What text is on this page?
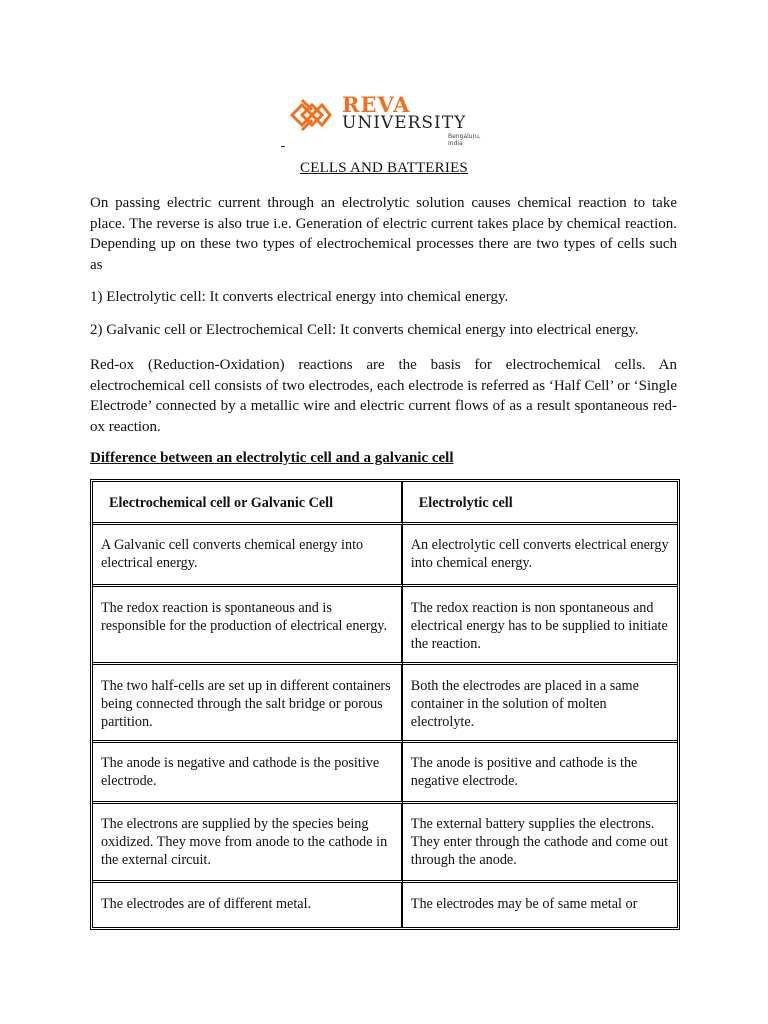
REVA
UNIVERSITY
Bengaluru, India
CELLS AND BATTERIES

On passing electric current through an electrolytic solution causes chemical reaction to take place. The reverse is also true i.e. Generation of electric current takes place by chemical reaction. Depending up on these two types of electrochemical processes there are two types of cells such as

1) Electrolytic cell: It converts electrical energy into chemical energy.

2) Galvanic cell or Electrochemical Cell: It converts chemical energy into electrical energy.

Red-ox (Reduction-Oxidation) reactions are the basis for electrochemical cells. An electrochemical cell consists of two electrodes, each electrode is referred as ‘Half Cell’ or ‘Single Electrode’ connected by a metallic wire and electric current flows of as a result spontaneous red-ox reaction.

Difference between an electrolytic cell and a galvanic cell
Electrochemical cell or Galvanic Cell	Electrolytic cell
A Galvanic cell converts chemical energy into electrical energy.	An electrolytic cell converts electrical energy into chemical energy.
The redox reaction is spontaneous and is responsible for the production of electrical energy.	The redox reaction is non spontaneous and electrical energy has to be supplied to initiate the reaction.
The two half-cells are set up in different containers being connected through the salt bridge or porous partition.	Both the electrodes are placed in a same container in the solution of molten electrolyte.
The anode is negative and cathode is the positive electrode.	The anode is positive and cathode is the negative electrode.
The electrons are supplied by the species being oxidized. They move from anode to the cathode in the external circuit.	The external battery supplies the electrons. They enter through the cathode and come out through the anode.
The electrodes are of different metal.	The electrodes may be of same metal or
